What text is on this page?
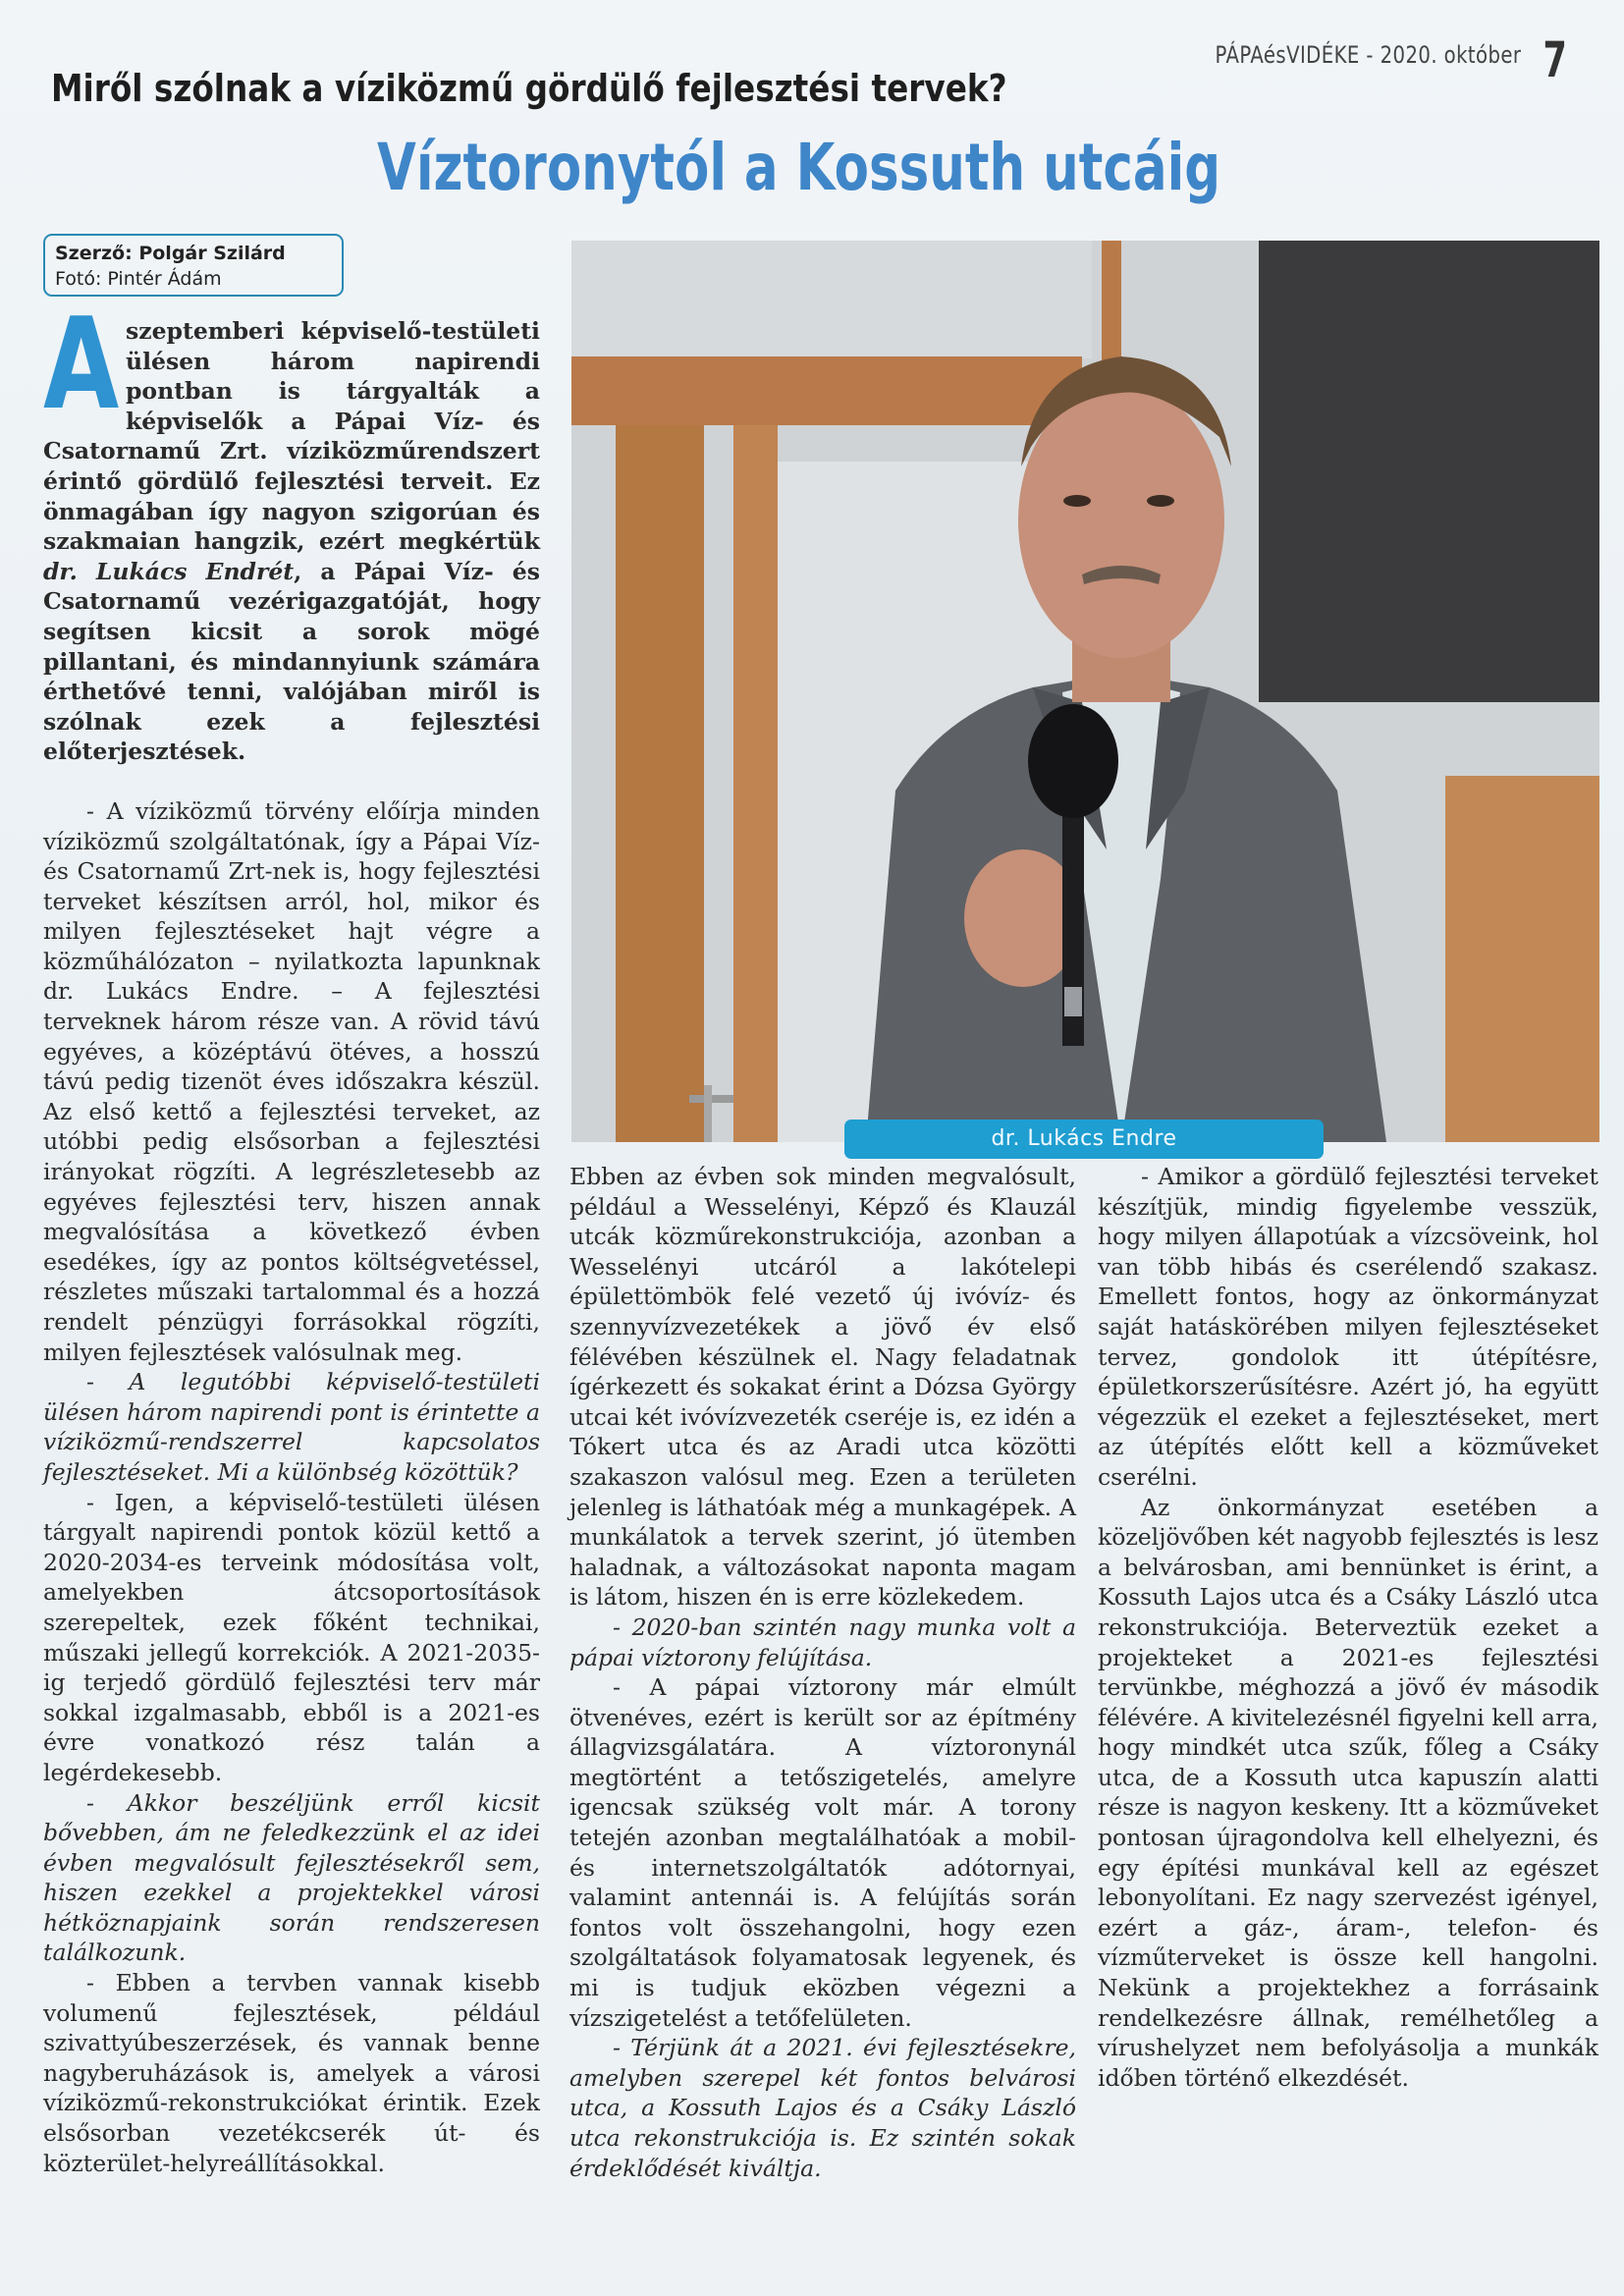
PÁPAésVIDÉKE - 2020. október 7
Miről szólnak a víziközmű gördülő fejlesztési tervek?
Víztoronytól a Kossuth utcáig
Szerző: Polgár Szilárd
Fotó: Pintér Ádám
A szeptemberi képviselő-testületi ülésen három napirendi pontban is tárgyalták a képviselők a Pápai Víz- és Csatornamű Zrt. víziközműrendszert érintő gördülő fejlesztési terveit. Ez önmagában így nagyon szigorúan és szakmaian hangzik, ezért megkértük dr. Lukács Endrét, a Pápai Víz- és Csatornamű vezérigazgatóját, hogy segítsen kicsit a sorok mögé pillantani, és mindannyiunk számára érthetővé tenni, valójában miről is szólnak ezek a fejlesztési előterjesztések.

- A víziközmű törvény előírja minden víziközmű szolgáltatónak, így a Pápai Víz- és Csatornamű Zrt-nek is, hogy fejlesztési terveket készítsen arról, hol, mikor és milyen fejlesztéseket hajt végre a közműhálózaton – nyilatkozta lapunknak dr. Lukács Endre. – A fejlesztési terveknek három része van. A rövid távú egyéves, a középtávú ötéves, a hosszú távú pedig tizenöt éves időszakra készül. Az első kettő a fejlesztési terveket, az utóbbi pedig elsősorban a fejlesztési irányokat rögzíti. A legrészletesebb az egyéves fejlesztési terv, hiszen annak megvalósítása a következő évben esedékes, így az pontos költségvetéssel, részletes műszaki tartalommal és a hozzá rendelt pénzügyi forrásokkal rögzíti, milyen fejlesztések valósulnak meg.

- A legutóbbi képviselő-testületi ülésen három napirendi pont is érintette a víziközmű-rendszerrel kapcsolatos fejlesztéseket. Mi a különbség közöttük?

- Igen, a képviselő-testületi ülésen tárgyalt napirendi pontok közül kettő a 2020-2034-es terveink módosítása volt, amelyekben átcsoportosítások szerepeltek, ezek főként technikai, műszaki jellegű korrekciók. A 2021-2035-ig terjedő gördülő fejlesztési terv már sokkal izgalmasabb, ebből is a 2021-es évre vonatkozó rész talán a legérdekesebb.

- Akkor beszéljünk erről kicsit bővebben, ám ne feledkezzünk el az idei évben megvalósult fejlesztésekről sem, hiszen ezekkel a projektekkel városi hétköznapjaink során rendszeresen találkozunk.

- Ebben a tervben vannak kisebb volumenű fejlesztések, például szivattyúbeszerzések, és vannak benne nagyberuházások is, amelyek a városi víziközmű-rekonstrukciókat érintik. Ezek elsősorban vezetékcserék út- és közterület-helyreállításokkal.

dr. Lukács Endre

Ebben az évben sok minden megvalósult, például a Wesselényi, Képző és Klauzál utcák közműrekonstrukciója, azonban a Wesselényi utcáról a lakótelepi épülettömbök felé vezető új ivóvíz- és szennyvízvezetékek a jövő év első félévében készülnek el. Nagy feladatnak ígérkezett és sokakat érint a Dózsa György utcai két ivóvízvezeték cseréje is, ez idén a Tókert utca és az Aradi utca közötti szakaszon valósul meg. Ezen a területen jelenleg is láthatóak még a munkagépek. A munkálatok a tervek szerint, jó ütemben haladnak, a változásokat naponta magam is látom, hiszen én is erre közlekedem.

- 2020-ban szintén nagy munka volt a pápai víztorony felújítása.

- A pápai víztorony már elmúlt ötvenéves, ezért is került sor az építmény állagvizsgálatára. A víztoronynál megtörtént a tetőszigetelés, amelyre igencsak szükség volt már. A torony tetején azonban megtalálhatóak a mobil- és internetszolgáltatók adótornyai, valamint antennái is. A felújítás során fontos volt összehangolni, hogy ezen szolgáltatások folyamatosak legyenek, és mi is tudjuk eközben végezni a vízszigetelést a tetőfelületen.

- Térjünk át a 2021. évi fejlesztésekre, amelyben szerepel két fontos belvárosi utca, a Kossuth Lajos és a Csáky László utca rekonstrukciója is. Ez szintén sokak érdeklődését kiváltja.

- Amikor a gördülő fejlesztési terveket készítjük, mindig figyelembe vesszük, hogy milyen állapotúak a vízcsöveink, hol van több hibás és cserélendő szakasz. Emellett fontos, hogy az önkormányzat saját hatáskörében milyen fejlesztéseket tervez, gondolok itt útépítésre, épületkorszerűsítésre. Azért jó, ha együtt végezzük el ezeket a fejlesztéseket, mert az útépítés előtt kell a közműveket cserélni.

Az önkormányzat esetében a közeljövőben két nagyobb fejlesztés is lesz a belvárosban, ami bennünket is érint, a Kossuth Lajos utca és a Csáky László utca rekonstrukciója. Beterveztük ezeket a projekteket a 2021-es fejlesztési tervünkbe, méghozzá a jövő év második félévére. A kivitelezésnél figyelni kell arra, hogy mindkét utca szűk, főleg a Csáky utca, de a Kossuth utca kapuszín alatti része is nagyon keskeny. Itt a közműveket pontosan újragondolva kell elhelyezni, és egy építési munkával kell az egészet lebonyolítani. Ez nagy szervezést igényel, ezért a gáz-, áram-, telefon- és vízműterveket is össze kell hangolni. Nekünk a projektekhez a forrásaink rendelkezésre állnak, remélhetőleg a vírushelyzet nem befolyásolja a munkák időben történő elkezdését.
